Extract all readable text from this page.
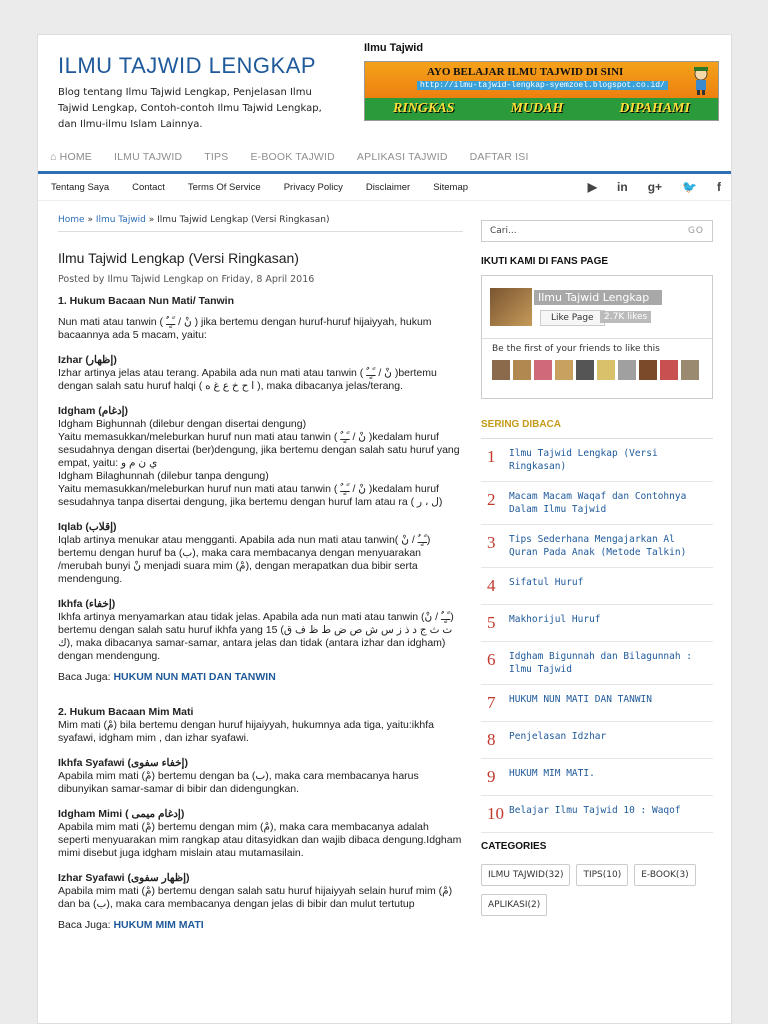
ILMU TAJWID LENGKAP
Blog tentang Ilmu Tajwid Lengkap, Penjelasan Ilmu Tajwid Lengkap, Contoh-contoh Ilmu Tajwid Lengkap, dan Ilmu-ilmu Islam Lainnya.
Ilmu Tajwid
AYO BELAJAR ILMU TAJWID DI SINI
http://ilmu-tajwid-lengkap-syemzoel.blogspot.co.id/
RINGKAS	MUDAH	DIPAHAMI
⌂ HOME ILMU TAJWID TIPS E-BOOK TAJWID APLIKASI TAJWID DAFTAR ISI
Tentang Saya Contact Terms Of Service Privacy Policy Disclaimer Sitemap	▶ in g+ 🐦 f
Home » Ilmu Tajwid » Ilmu Tajwid Lengkap (Versi Ringkasan)
Ilmu Tajwid Lengkap (Versi Ringkasan)
Posted by Ilmu Tajwid Lengkap on Friday, 8 April 2016
1. Hukum Bacaan Nun Mati/ Tanwin

Nun mati atau tanwin ( نْ / ـًـٍـٌ ) jika bertemu dengan huruf-huruf hijaiyyah, hukum bacaannya ada 5 macam, yaitu:

Izhar (إظهار)
Izhar artinya jelas atau terang. Apabila ada nun mati atau tanwin ( نْ / ـًـٍـٌ )bertemu dengan salah satu huruf halqi ( ا ح خ ع غ ه ), maka dibacanya jelas/terang.
Idgham (إدغام)
Idgham Bighunnah (dilebur dengan disertai dengung)
Yaitu memasukkan/meleburkan huruf nun mati atau tanwin ( نْ / ـًـٍـٌ )kedalam huruf sesudahnya dengan disertai (ber)dengung, jika bertemu dengan salah satu huruf yang empat, yaitu: ي ن م و
Idgham Bilaghunnah (dilebur tanpa dengung)
Yaitu memasukkan/meleburkan huruf nun mati atau tanwin ( نْ / ـًـٍـٌ )kedalam huruf sesudahnya tanpa disertai dengung, jika bertemu dengan huruf lam atau ra ( ل ، ر)
Iqlab (إقلاب)
Iqlab artinya menukar atau mengganti. Apabila ada nun mati atau tanwin( ـًـٍـٌ / نْ) bertemu dengan huruf ba (ب), maka cara membacanya dengan menyuarakan /merubah bunyi نْ menjadi suara mim (مْ), dengan merapatkan dua bibir serta mendengung.
Ikhfa (إخفاء)
Ikhfa artinya menyamarkan atau tidak jelas. Apabila ada nun mati atau tanwin (ـًـٍـٌ / نْ) bertemu dengan salah satu huruf ikhfa yang 15 (ت ث ج د ذ ز س ش ص ض ط ظ ف ق ك), maka dibacanya samar-samar, antara jelas dan tidak (antara izhar dan idgham) dengan mendengung.

Baca Juga: HUKUM NUN MATI DAN TANWIN

2. Hukum Bacaan Mim Mati
Mim mati (مْ) bila bertemu dengan huruf hijaiyyah, hukumnya ada tiga, yaitu:ikhfa syafawi, idgham mim , dan izhar syafawi.
Ikhfa Syafawi (إخفاء سفوى)
Apabila mim mati (مْ) bertemu dengan ba (ب), maka cara membacanya harus dibunyikan samar-samar di bibir dan didengungkan.
Idgham Mimi ( إدغام ميمى)
Apabila mim mati (مْ) bertemu dengan mim (مْ), maka cara membacanya adalah seperti menyuarakan mim rangkap atau ditasyidkan dan wajib dibaca dengung.Idgham mimi disebut juga idgham mislain atau mutamasilain.
Izhar Syafawi (إظهار سفوى)
Apabila mim mati (مْ) bertemu dengan salah satu huruf hijaiyyah selain huruf mim (مْ) dan ba (ب), maka cara membacanya dengan jelas di bibir dan mulut tertutup

Baca Juga: HUKUM MIM MATI

Cari...	GO
IKUTI KAMI DI FANS PAGE
Ilmu Tajwid Lengkap
Like Page	2.7K likes
Be the first of your friends to like this
SERING DIBACA
1	Ilmu Tajwid Lengkap (Versi Ringkasan)
2	Macam Macam Waqaf dan Contohnya Dalam Ilmu Tajwid
3	Tips Sederhana Mengajarkan Al Quran Pada Anak (Metode Talkin)
4	Sifatul Huruf
5	Makhorijul Huruf
6	Idgham Bigunnah dan Bilagunnah : Ilmu Tajwid
7	HUKUM NUN MATI DAN TANWIN
8	Penjelasan Idzhar
9	HUKUM MIM MATI.
10 Belajar Ilmu Tajwid 10 : Waqof
CATEGORIES
ILMU TAJWID(32)	TIPS(10)	E-BOOK(3)
APLIKASI(2)
